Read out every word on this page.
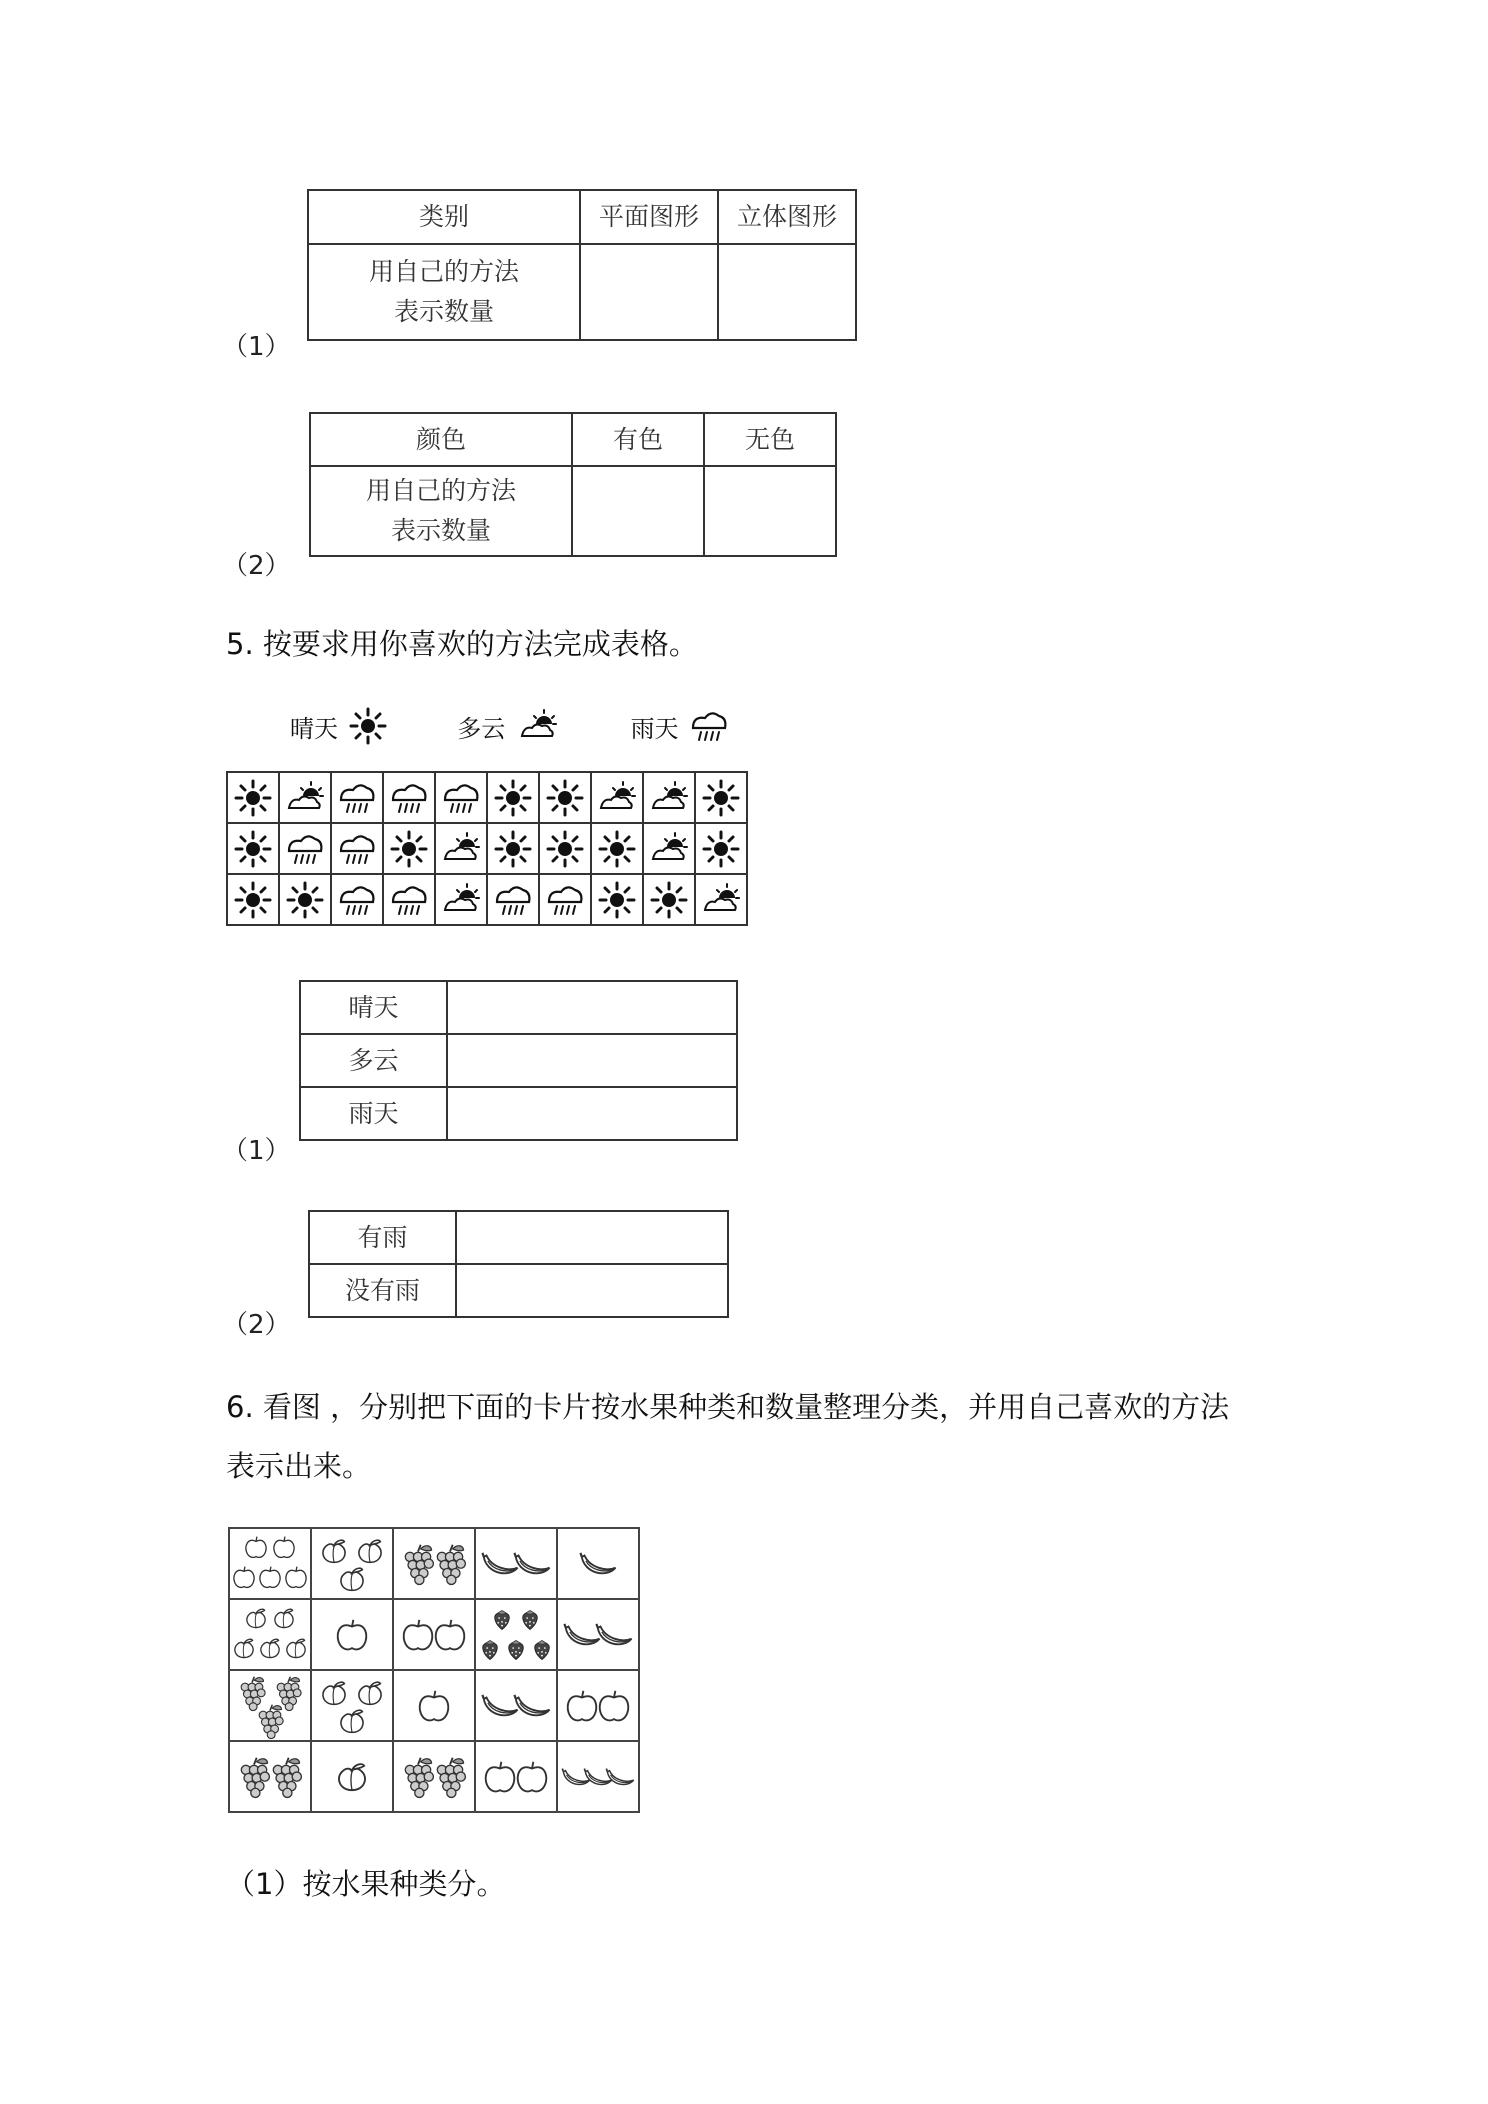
类别	平面图形	立体图形

用自己的方法
表示数量		

（1）
颜色	有色	无色

用自己的方法
表示数量		

（2）
5. 按要求用你喜欢的方法完成表格。
晴天	多云	雨天

晴天	
多云	
雨天	
（1）
有雨	
没有雨	
（2）
6. 看图 ，分别把下面的卡片按水果种类和数量整理分类，并用自己喜欢的方法
表示出来。

（1）按水果种类分。
